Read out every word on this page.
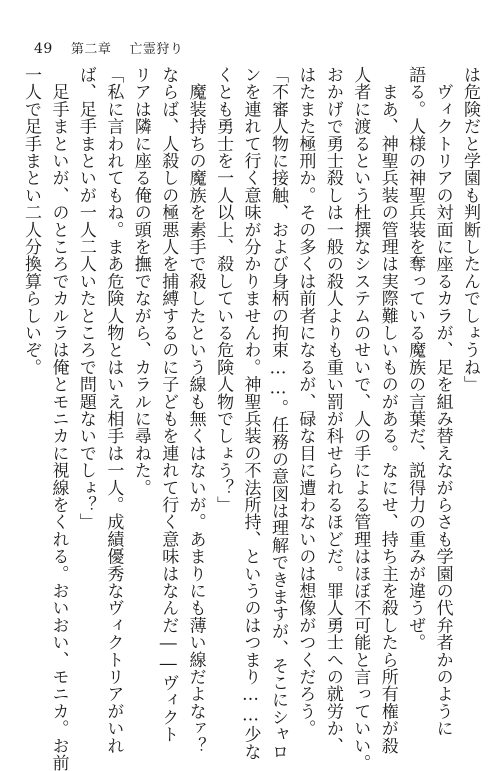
49 第二章 亡霊狩り
は危険だと学園も判断したんでしょうね」
　ヴィクトリアの対面に座るカラが、足を組み替えながらさも学園の代弁者かのように
語る。人様の神聖兵装を奪っている魔族の言葉だ、説得力の重みが違うぜ。
　まあ、神聖兵装の管理は実際難しいものがある。なにせ、持ち主を殺したら所有権が殺
人者に渡るという杜撰なシステムのせいで、人の手による管理はほぼ不可能と言っていい。
おかげで勇士殺しは一般の殺人よりも重い罰が科せられるほどだ。罪人勇士への就労か、
はたまた極刑か。その多くは前者になるが、碌な目に遭わないのは想像がつくだろう。
「不審人物に接触、および身柄の拘束……。任務の意図は理解できますが、そこにシャロ
ンを連れて行く意味が分かりませんわ。神聖兵装の不法所持、というのはつまり……少な
くとも勇士を一人以上、殺している危険人物でしょう？」
　魔装持ちの魔族を素手で殺したという線も無くはないが。あまりにも薄い線だよなァ？
ならば、人殺しの極悪人を捕縛するのに子どもを連れて行く意味はなんだ――ヴィクト
リアは隣に座る俺の頭を撫でながら、カラルに尋ねた。
「私に言われてもね。まあ危険人物とはいえ相手は一人。成績優秀なヴィクトリアがいれ
ば、足手まといが一人二人いたところで問題ないでしょ？」
　足手まといが、のところでカルラは俺とモニカに視線をくれる。おいおい、モニカ。お前
一人で足手まとい二人分換算らしいぞ。
